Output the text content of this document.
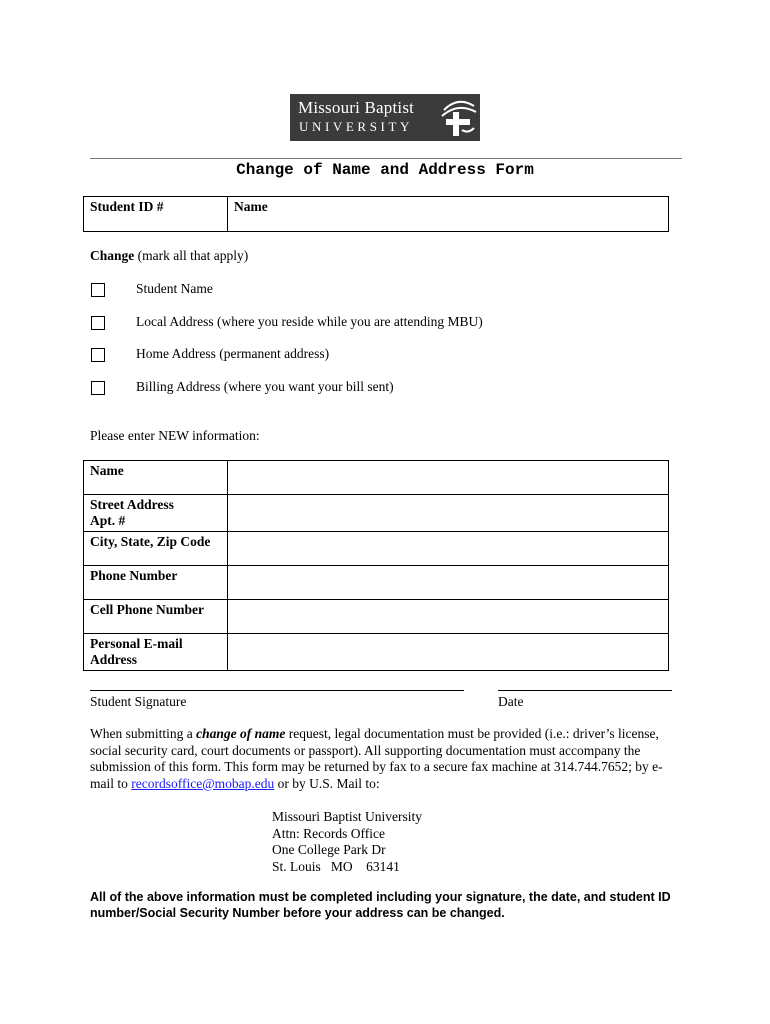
Missouri Baptist
UNIVERSITY
Change of Name and Address Form
Student ID #	Name
Change (mark all that apply)
Student Name
Local Address (where you reside while you are attending MBU)
Home Address (permanent address)
Billing Address (where you want your bill sent)
Please enter NEW information:
Name	
Street Address
Apt. #	
City, State, Zip Code	
Phone Number	
Cell Phone Number	
Personal E-mail
Address	
Student Signature	Date
When submitting a change of name request, legal documentation must be provided (i.e.: driver’s license, social security card, court documents or passport). All supporting documentation must accompany the submission of this form. This form may be returned by fax to a secure fax machine at 314.744.7652; by e-mail to recordsoffice@mobap.edu or by U.S. Mail to:
Missouri Baptist University
Attn: Records Office
One College Park Dr
St. Louis   MO    63141
All of the above information must be completed including your signature, the date, and student ID number/Social Security Number before your address can be changed.
